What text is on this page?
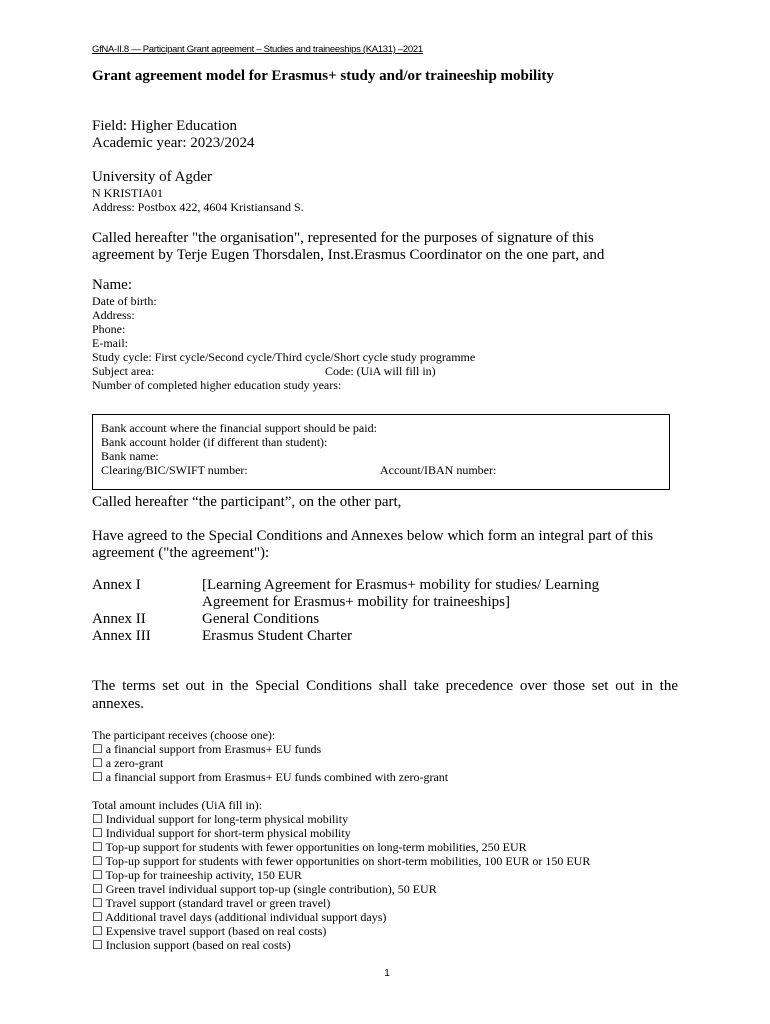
GfNA-II.8 — Participant Grant agreement – Studies and traineeships (KA131) –2021
Grant agreement model for Erasmus+ study and/or traineeship mobility
Field: Higher Education
Academic year: 2023/2024
University of Agder
N KRISTIA01
Address: Postbox 422, 4604 Kristiansand S.
Called hereafter "the organisation", represented for the purposes of signature of this
agreement by Terje Eugen Thorsdalen, Inst.Erasmus Coordinator on the one part, and
Name:
Date of birth:
Address:
Phone:
E-mail:
Study cycle: First cycle/Second cycle/Third cycle/Short cycle study programme
Subject area:	Code: (UiA will fill in)
Number of completed higher education study years:
Bank account where the financial support should be paid:
Bank account holder (if different than student):
Bank name:
Clearing/BIC/SWIFT number:	Account/IBAN number:
Called hereafter “the participant”, on the other part,
Have agreed to the Special Conditions and Annexes below which form an integral part of this
agreement ("the agreement"):
Annex I	[Learning Agreement for Erasmus+ mobility for studies/ Learning
Agreement for Erasmus+ mobility for traineeships]
Annex II	General Conditions
Annex III	Erasmus Student Charter
The terms set out in the Special Conditions shall take precedence over those set out in the annexes.
The participant receives (choose one):
☐ a financial support from Erasmus+ EU funds
☐ a zero-grant
☐ a financial support from Erasmus+ EU funds combined with zero-grant
Total amount includes (UiA fill in):
☐ Individual support for long-term physical mobility
☐ Individual support for short-term physical mobility
☐ Top-up support for students with fewer opportunities on long-term mobilities, 250 EUR
☐ Top-up support for students with fewer opportunities on short-term mobilities, 100 EUR or 150 EUR
☐ Top-up for traineeship activity, 150 EUR
☐ Green travel individual support top-up (single contribution), 50 EUR
☐ Travel support (standard travel or green travel)
☐ Additional travel days (additional individual support days)
☐ Expensive travel support (based on real costs)
☐ Inclusion support (based on real costs)
1
